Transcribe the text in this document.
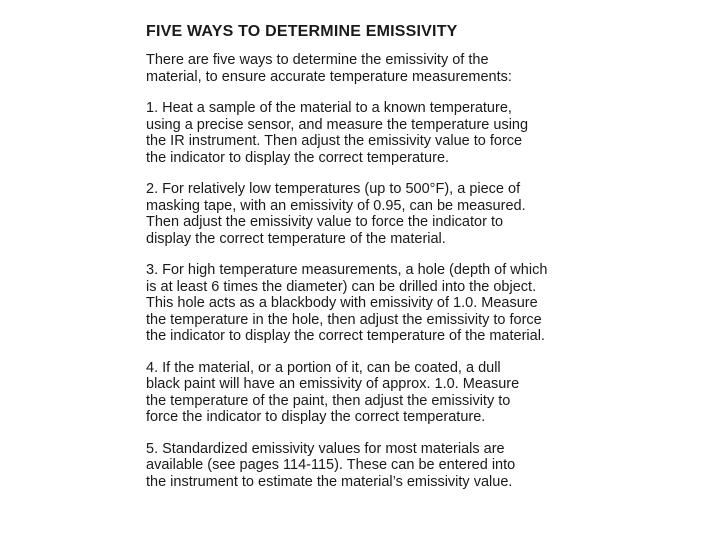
FIVE WAYS TO DETERMINE EMISSIVITY

There are five ways to determine the emissivity of the
material, to ensure accurate temperature measurements:

1. Heat a sample of the material to a known temperature,
using a precise sensor, and measure the temperature using
the IR instrument. Then adjust the emissivity value to force
the indicator to display the correct temperature.

2. For relatively low temperatures (up to 500°F), a piece of
masking tape, with an emissivity of 0.95, can be measured.
Then adjust the emissivity value to force the indicator to
display the correct temperature of the material.

3. For high temperature measurements, a hole (depth of which
is at least 6 times the diameter) can be drilled into the object.
This hole acts as a blackbody with emissivity of 1.0. Measure
the temperature in the hole, then adjust the emissivity to force
the indicator to display the correct temperature of the material.

4. If the material, or a portion of it, can be coated, a dull
black paint will have an emissivity of approx. 1.0. Measure
the temperature of the paint, then adjust the emissivity to
force the indicator to display the correct temperature.

5. Standardized emissivity values for most materials are
available (see pages 114-115). These can be entered into
the instrument to estimate the material’s emissivity value.
